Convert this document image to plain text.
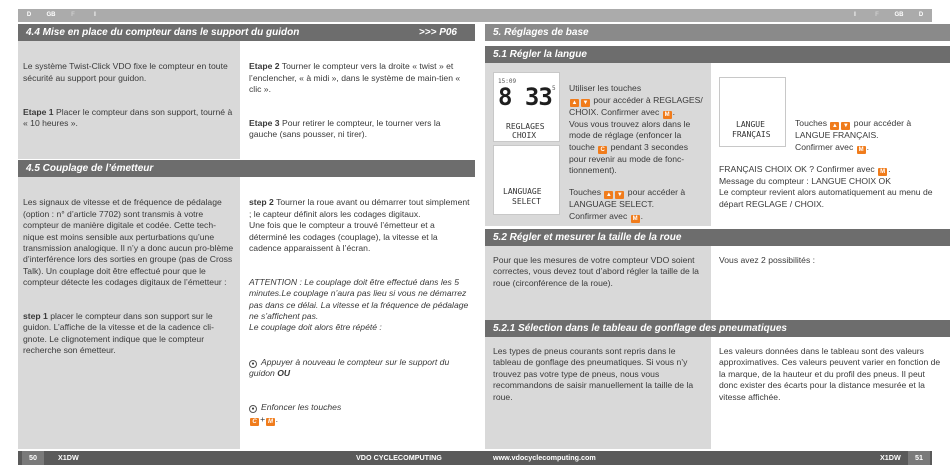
D	GB	F	I	I	F	GB	D
4.4 Mise en place du compteur dans le support du guidon	>>> P06

Le système Twist-Click VDO fixe le compteur en toute sécurité au support pour guidon.

Etape 1 Placer le compteur dans son support, tourné à « 10 heures ».

Etape 2 Tourner le compteur vers la droite « twist » et l’enclencher, « à midi », dans le système de main-tien « clic ».

Etape 3 Pour retirer le compteur, le tourner vers la gauche (sans pousser, ni tirer).

4.5 Couplage de l’émetteur

Les signaux de vitesse et de fréquence de pédalage (option : n° d’article 7702) sont transmis à votre compteur de manière digitale et codée. Cette tech-nique est moins sensible aux perturbations qu’une transmission analogique. Il n’y a donc aucun pro-blème d’interférence lors des sorties en groupe (pas de Cross Talk). Un couplage doit être effectué pour que le compteur détecte les codages digitaux de l’émetteur :

step 1 placer le compteur dans son support sur le guidon. L’affiche de la vitesse et de la cadence cli-gnote. Le clignotement indique que le compteur recherche son émetteur.

step 2 Tourner la roue avant ou démarrer tout simplement ; le capteur définit alors les codages digitaux.
Une fois que le compteur a trouvé l’émetteur et a déterminé les codages (couplage), la vitesse et la cadence apparaissent à l’écran.

ATTENTION : Le couplage doit être effectué dans les 5 minutes.Le couplage n’aura pas lieu si vous ne démarrez pas dans ce délai. La vitesse et la fréquence de pédalage ne s’affichent pas.
Le couplage doit alors être répété :

● Appuyer à nouveau le compteur sur le support du guidon OU

● Enfoncer les touches
C + M .

5. Réglages de base
5.1 Régler la langue
15:09
8 33 5
REGLAGES
CHOIX
LANGUAGE
SELECT
LANGUE
FRANÇAIS

Utiliser les touches
▲ ▼ pour accéder à REGLAGES/ CHOIX. Confirmer avec M .
Vous vous trouvez alors dans le mode de réglage (enfoncer la touche C pendant 3 secondes pour revenir au mode de fonc-tionnement).

Touches ▲ ▼ pour accéder à LANGUAGE SELECT.
Confirmer avec M .

Touches ▲ ▼ pour accéder à LANGUE FRANÇAIS.
Confirmer avec M .

FRANÇAIS CHOIX OK ? Confirmer avec M .

Message du compteur : LANGUE CHOIX OK
Le compteur revient alors automatiquement au menu de départ REGLAGE / CHOIX.
5.2 Régler et mesurer la taille de la roue
Pour que les mesures de votre compteur VDO soient correctes, vous devez tout d’abord régler la taille de la roue (circonférence de la roue).
Vous avez 2 possibilités :
5.2.1 Sélection dans le tableau de gonflage des pneumatiques
Les types de pneus courants sont repris dans le tableau de gonflage des pneumatiques. Si vous n’y trouvez pas votre type de pneus, nous vous recommandons de saisir manuellement la taille de la roue.
Les valeurs données dans le tableau sont des valeurs approximatives. Ces valeurs peuvent varier en fonction de la marque, de la hauteur et du profil des pneus. Il peut donc exister des écarts pour la distance mesurée et la vitesse affichée.
50	X1DW	VDO CYCLECOMPUTING	www.vdocyclecomputing.com	X1DW	51
